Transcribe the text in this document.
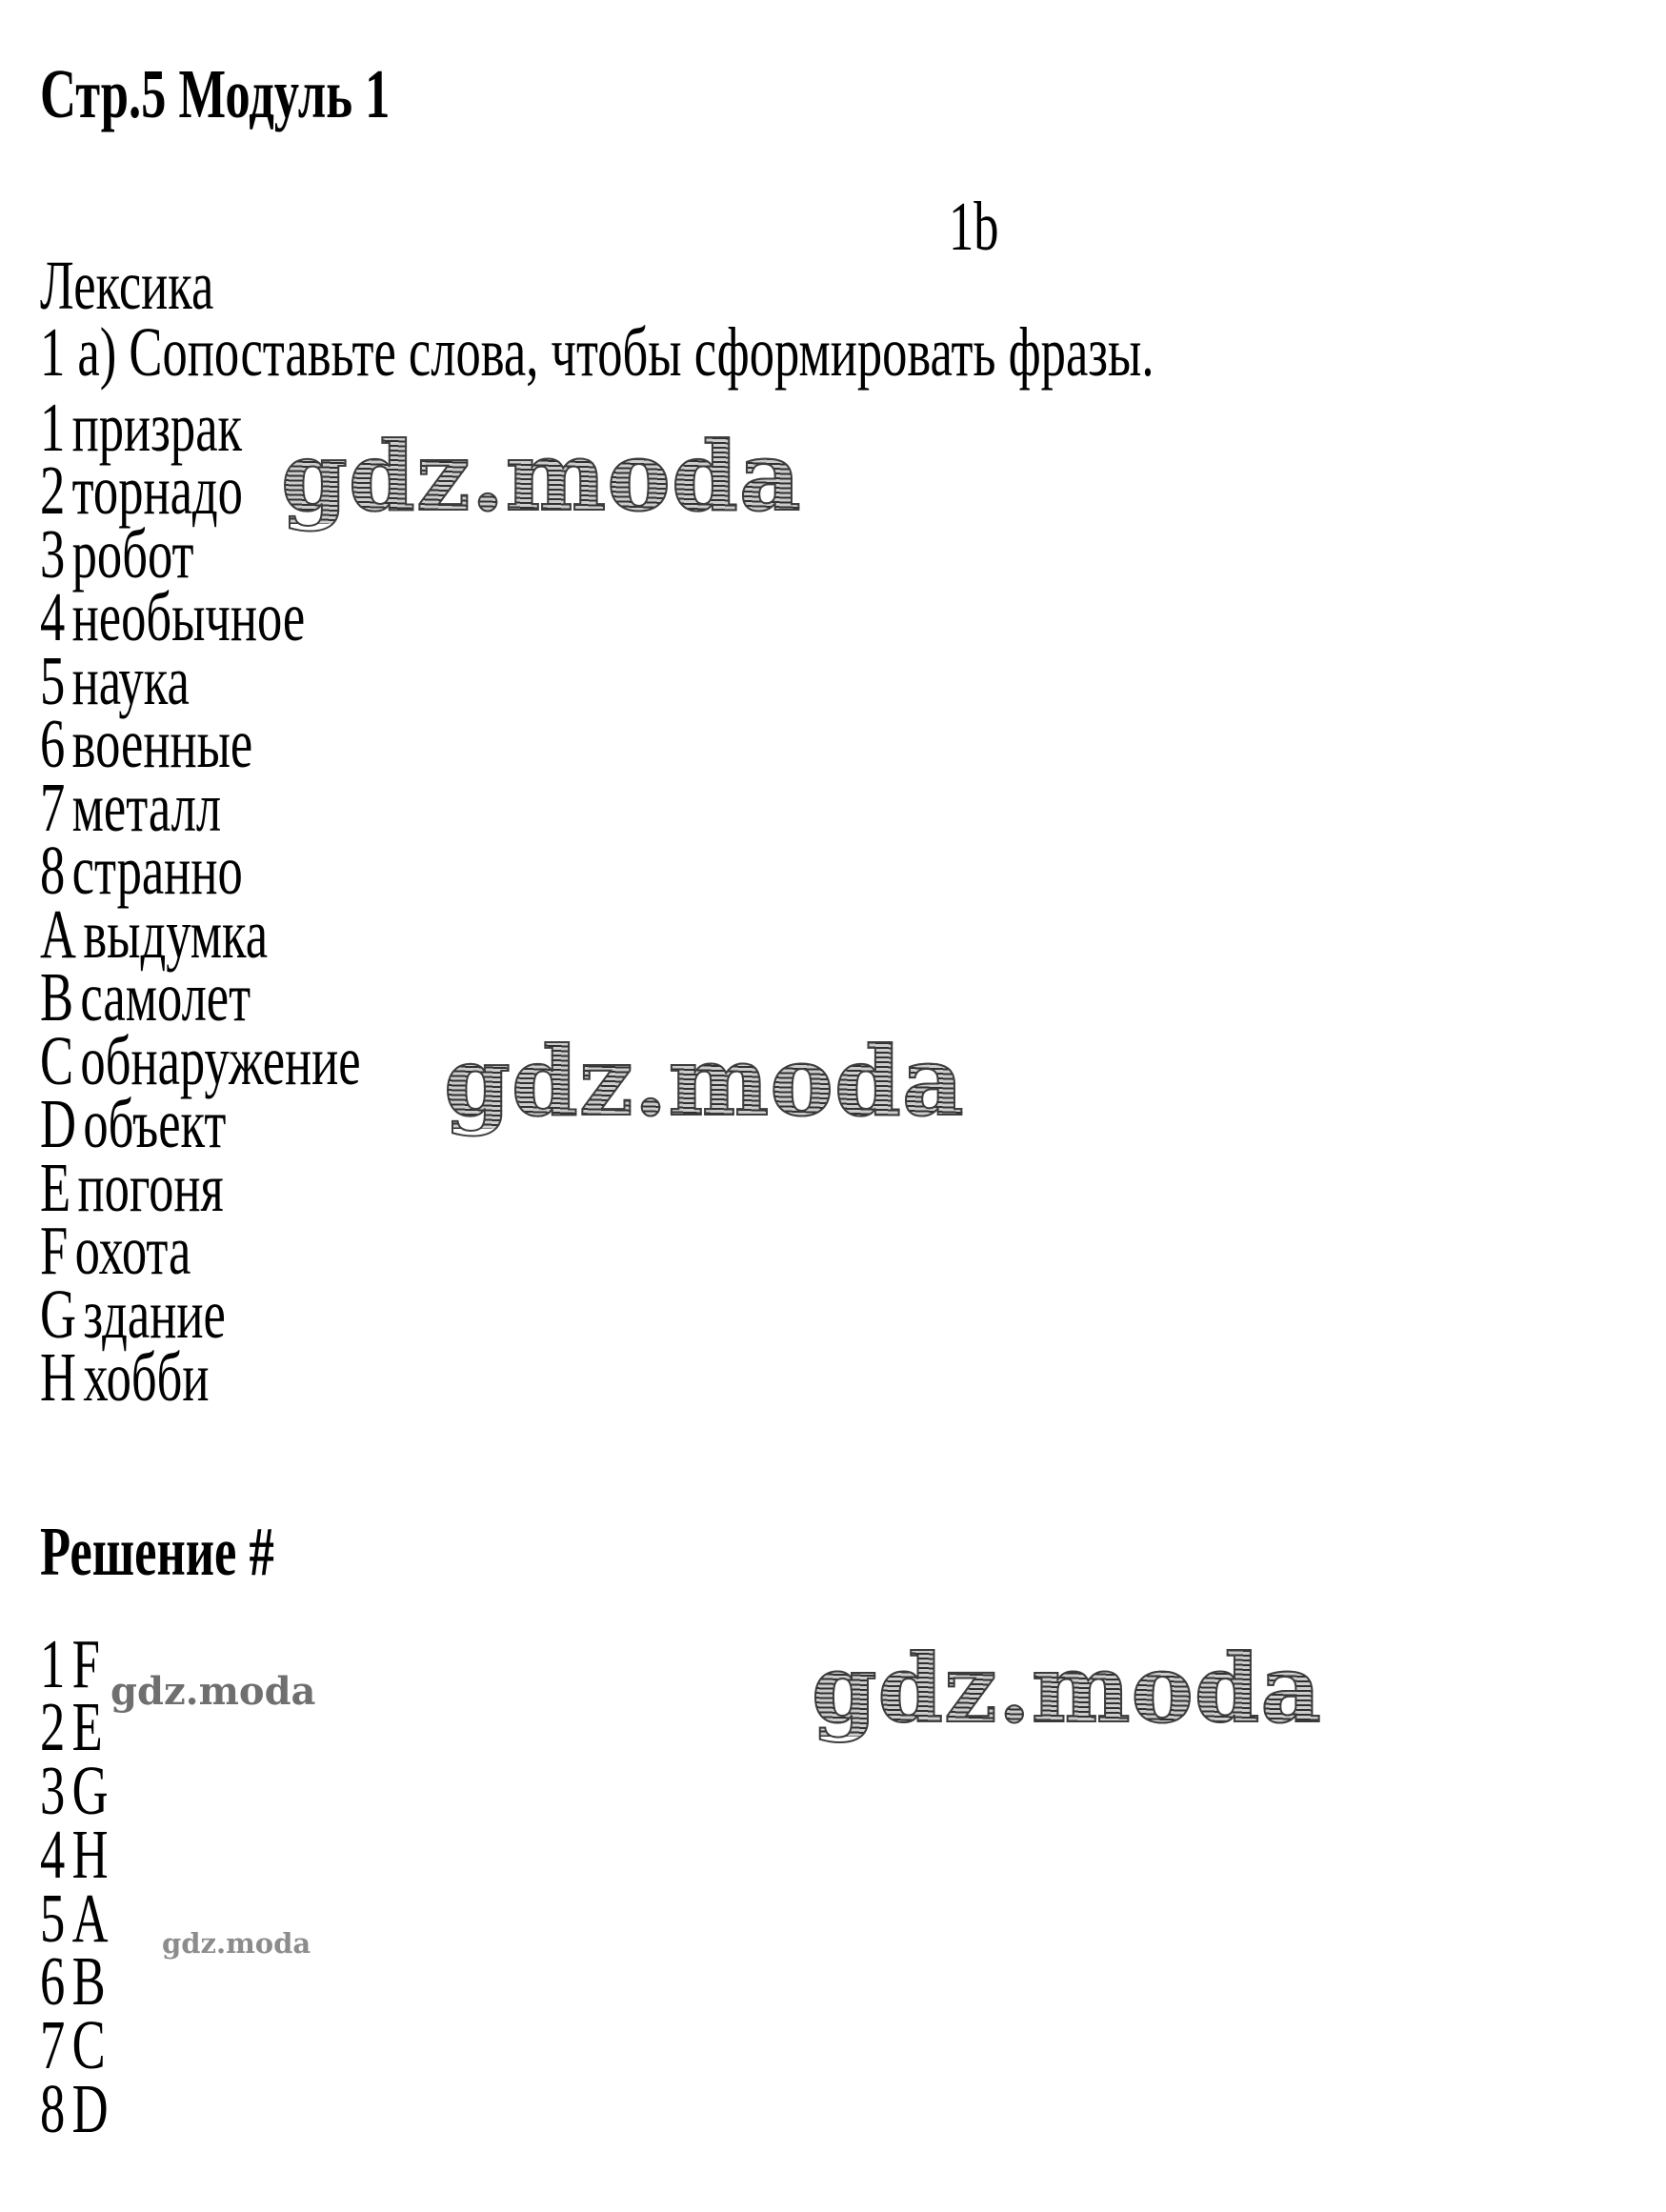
gdz.moda
gdz.moda
gdz.moda
gdz.moda
gdz.moda
Стр.5 Модуль 1
1b
Лексика
1 а) Сопоставьте слова, чтобы сформировать фразы.
1 призрак
2 торнадо
3 робот
4 необычное
5 наука
6 военные
7 металл
8 странно
A выдумка
B самолет
C обнаружение
D объект
E погоня
F охота
G здание
H хобби
Решение #
1 F
2 E
3 G
4 H
5 A
6 B
7 C
8 D
